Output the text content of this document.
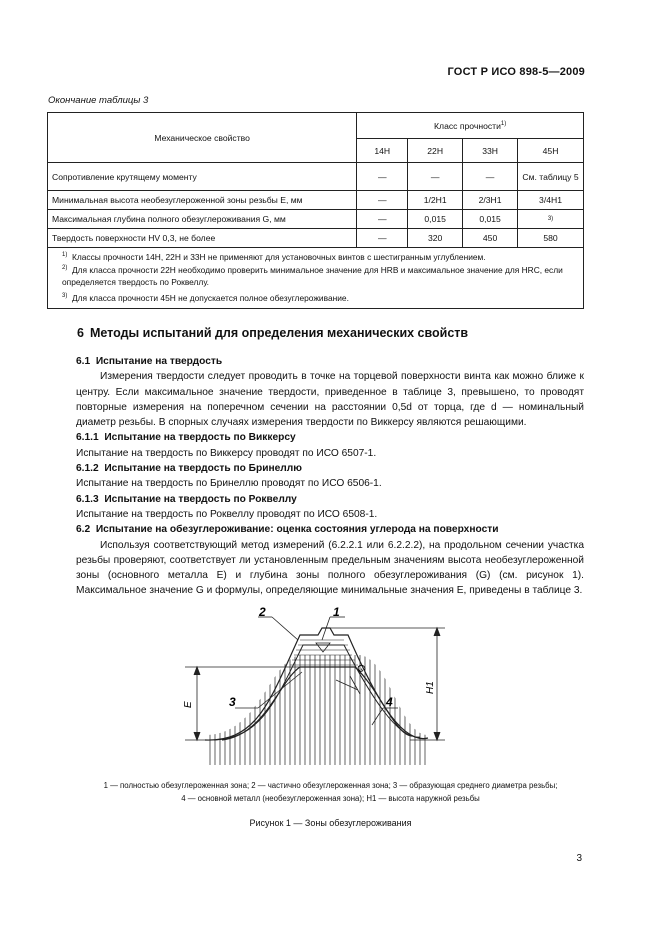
ГОСТ Р ИСО 898-5—2009
Окончание таблицы 3
Механическое свойство	Класс прочности$^{1)}$
	14H	22H	33H	45H
Сопротивление крутящему моменту	—	—	—	См. таблицу 5
Минимальная высота необезуглероженной зоны резьбы E, мм	—	1/2H1	2/3H1	3/4H1
Максимальная глубина полного обезуглероживания G, мм	—	0,015	0,015	3)
Твердость поверхности HV 0,3, не более	—	320	450	580

$^{1)}$ Классы прочности 14H, 22H и 33H не применяют для установочных винтов с шестигранным углублением.

$^{2)}$ Для класса прочности 22H необходимо проверить минимальное значение для HRB и максимальное значение для HRC, если определяется твердость по Роквеллу.

$^{3)}$ Для класса прочности 45H не допускается полное обезуглероживание.				

6 Методы испытаний для определения механических свойств

6.1 Испытание на твердость

Измерения твердости следует проводить в точке на торцевой поверхности винта как можно ближе к центру. Если максимальное значение твердости, приведенное в таблице 3, превышено, то проводят повторные измерения на поперечном сечении на расстоянии 0,5d от торца, где d — номинальный диаметр резьбы. В спорных случаях измерения твердости по Виккерсу являются решающими.

6.1.1 Испытание на твердость по Виккерсу

Испытание на твердость по Виккерсу проводят по ИСО 6507-1.

6.1.2 Испытание на твердость по Бринеллю

Испытание на твердость по Бринеллю проводят по ИСО 6506-1.

6.1.3 Испытание на твердость по Роквеллу

Испытание на твердость по Роквеллу проводят по ИСО 6508-1.

6.2 Испытание на обезуглероживание: оценка состояния углерода на поверхности

Используя соответствующий метод измерений (6.2.2.1 или 6.2.2.2), на продольном сечении участка резьбы проверяют, соответствует ли установленным предельным значениям высота необезуглероженной зоны (основного металла E) и глубина зоны полного обезуглероживания (G) (см. рисунок 1). Максимальное значение G и формулы, определяющие минимальные значения E, приведены в таблице 3.

1
2
3	4
G
E
H1
1 — полностью обезуглероженная зона; 2 — частично обезуглероженная зона; 3 — образующая среднего диаметра резьбы;
4 — основной металл (необезуглероженная зона); H1 — высота наружной резьбы
Рисунок 1 — Зоны обезуглероживания
3
